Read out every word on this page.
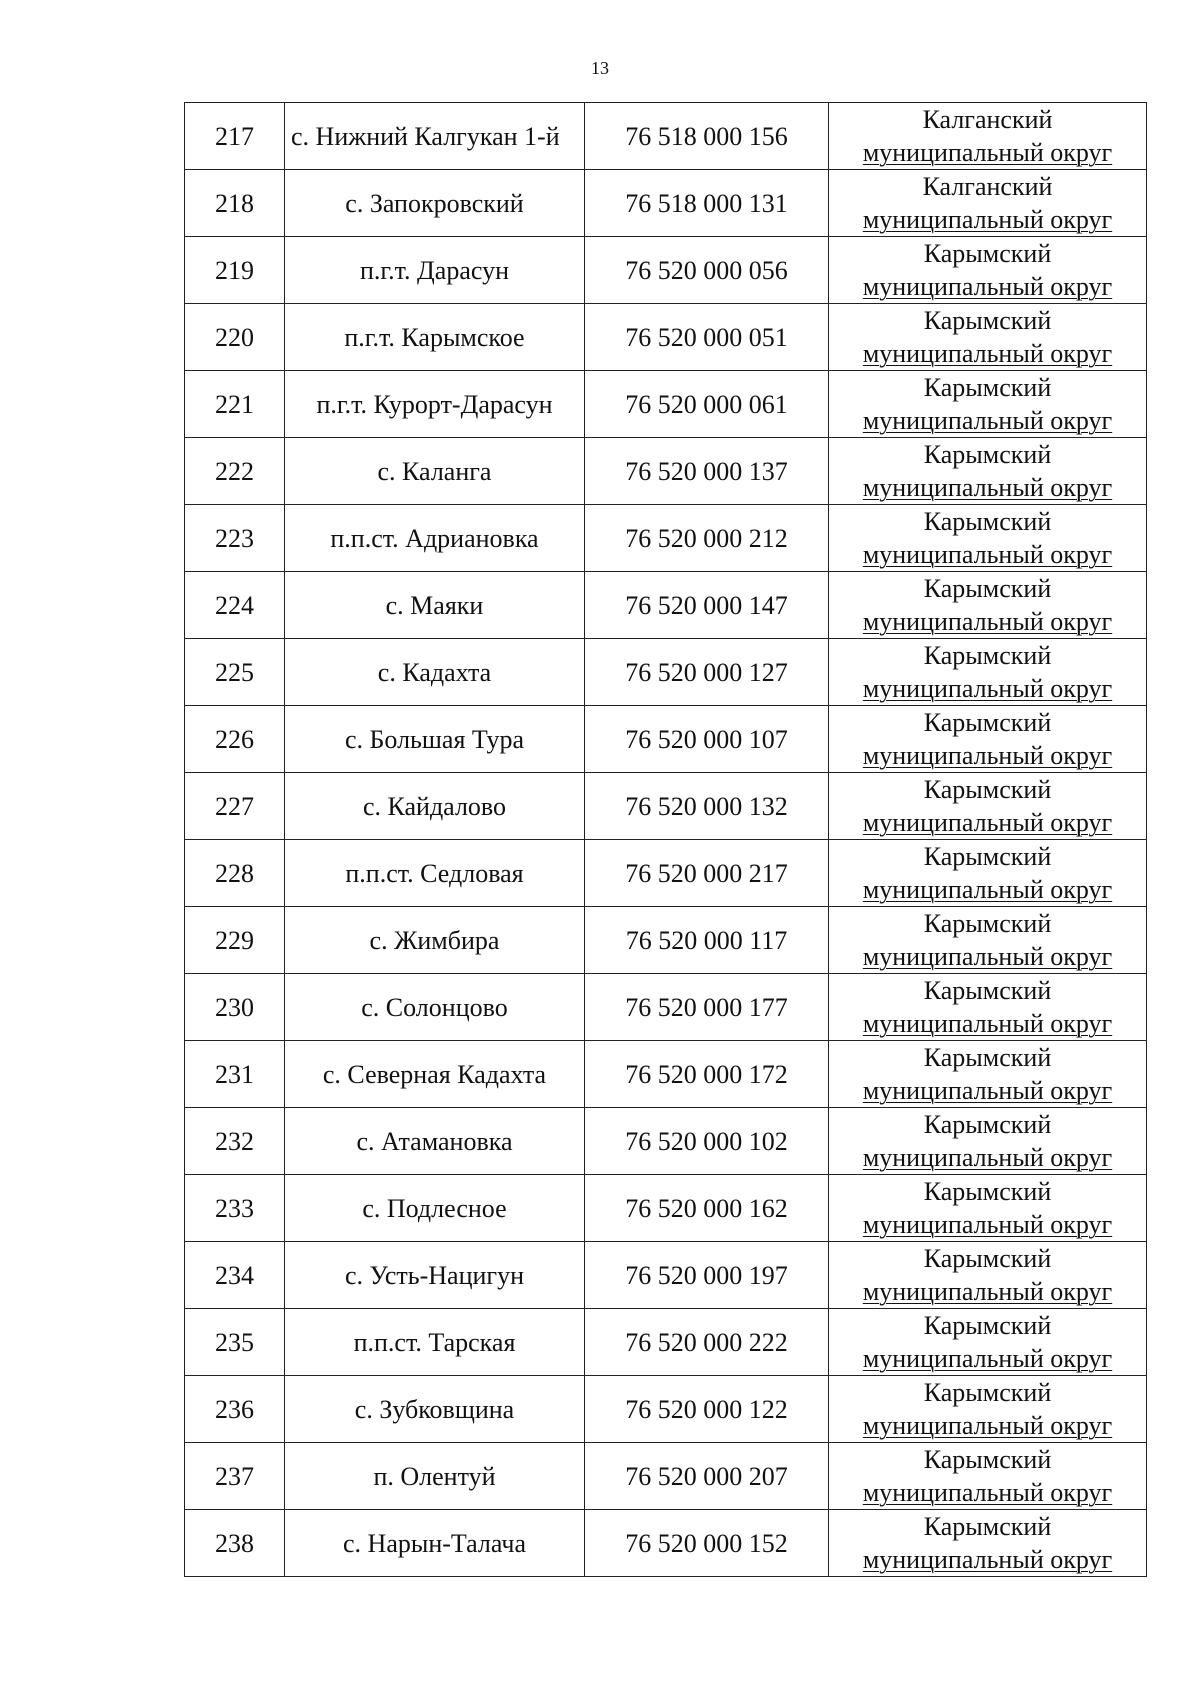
13
217	с. Нижний Калгукан 1-й	76 518 000 156	Калганский
муниципальный округ

218	с. Запокровский	76 518 000 131	Калганский
муниципальный округ

219	п.г.т. Дарасун	76 520 000 056	Карымский
муниципальный округ

220	п.г.т. Карымское	76 520 000 051	Карымский
муниципальный округ

221	п.г.т. Курорт-Дарасун	76 520 000 061	Карымский
муниципальный округ

222	с. Каланга	76 520 000 137	Карымский
муниципальный округ

223	п.п.ст. Адриановка	76 520 000 212	Карымский
муниципальный округ

224	с. Маяки	76 520 000 147	Карымский
муниципальный округ

225	с. Кадахта	76 520 000 127	Карымский
муниципальный округ

226	с. Большая Тура	76 520 000 107	Карымский
муниципальный округ

227	с. Кайдалово	76 520 000 132	Карымский
муниципальный округ

228	п.п.ст. Седловая	76 520 000 217	Карымский
муниципальный округ

229	с. Жимбира	76 520 000 117	Карымский
муниципальный округ

230	с. Солонцово	76 520 000 177	Карымский
муниципальный округ

231	с. Северная Кадахта	76 520 000 172	Карымский
муниципальный округ

232	с. Атамановка	76 520 000 102	Карымский
муниципальный округ

233	с. Подлесное	76 520 000 162	Карымский
муниципальный округ

234	с. Усть-Нацигун	76 520 000 197	Карымский
муниципальный округ

235	п.п.ст. Тарская	76 520 000 222	Карымский
муниципальный округ

236	с. Зубковщина	76 520 000 122	Карымский
муниципальный округ

237	п. Олентуй	76 520 000 207	Карымский
муниципальный округ

238	с. Нарын-Талача	76 520 000 152	Карымский
муниципальный округ
